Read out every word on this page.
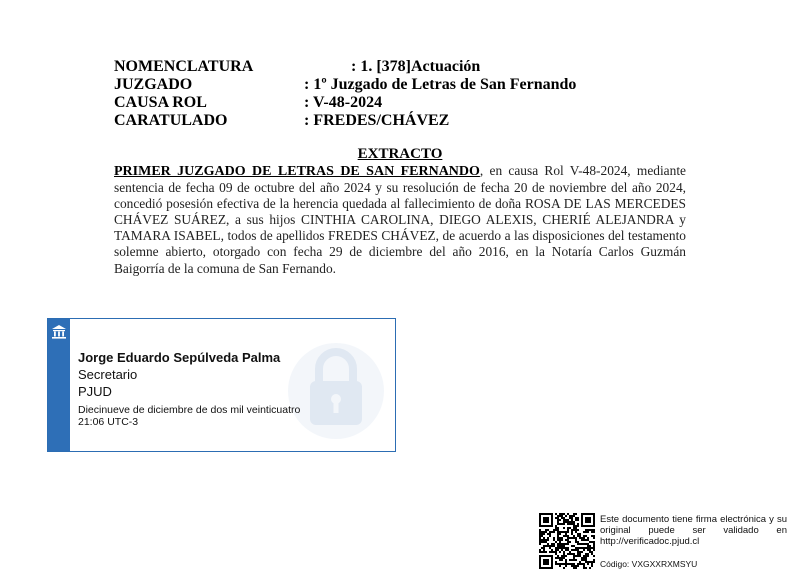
NOMENCLATURA	: 1. [378]Actuación
JUZGADO	: 1º Juzgado de Letras de San Fernando
CAUSA ROL	: V-48-2024
CARATULADO	: FREDES/CHÁVEZ
EXTRACTO
PRIMER JUZGADO DE LETRAS DE SAN FERNANDO, en causa Rol V-48-2024, mediante sentencia de fecha 09 de octubre del año 2024 y su resolución de fecha 20 de noviembre del año 2024, concedió posesión efectiva de la herencia quedada al fallecimiento de doña ROSA DE LAS MERCEDES CHÁVEZ SUÁREZ, a sus hijos CINTHIA CAROLINA, DIEGO ALEXIS, CHERIÉ ALEJANDRA y TAMARA ISABEL, todos de apellidos FREDES CHÁVEZ, de acuerdo a las disposiciones del testamento solemne abierto, otorgado con fecha 29 de diciembre del año 2016, en la Notaría Carlos Guzmán Baigorría de la comuna de San Fernando.
Jorge Eduardo Sepúlveda Palma
Secretario
PJUD
Diecinueve de diciembre de dos mil veinticuatro
21:06 UTC-3
Este documento tiene firma electrónica y su original puede ser validado en http://verificadoc.pjud.cl
Código: VXGXXRXMSYU
